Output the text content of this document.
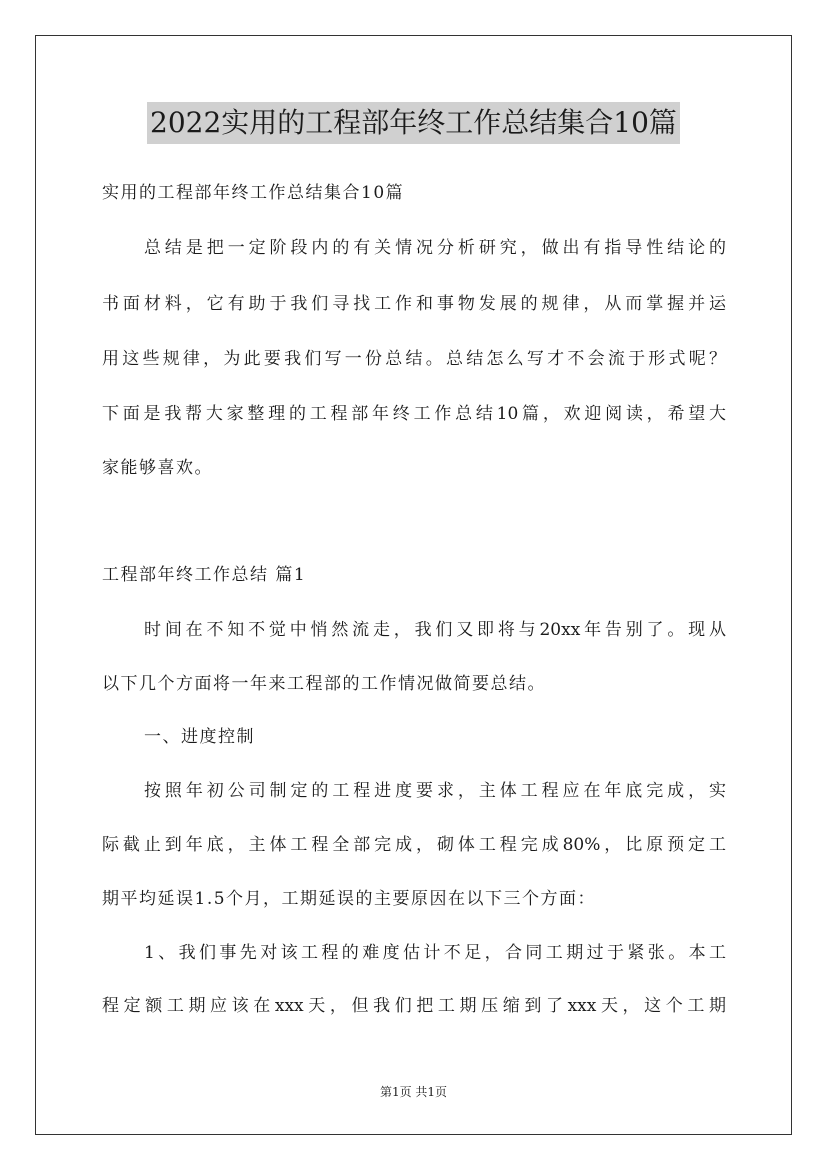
2022实用的工程部年终工作总结集合10篇
实用的工程部年终工作总结集合10篇
总结是把一定阶段内的有关情况分析研究，做出有指导性结论的
书面材料，它有助于我们寻找工作和事物发展的规律，从而掌握并运
用这些规律，为此要我们写一份总结。总结怎么写才不会流于形式呢？
下面是我帮大家整理的工程部年终工作总结10篇，欢迎阅读，希望大
家能够喜欢。
工程部年终工作总结 篇1
时间在不知不觉中悄然流走，我们又即将与20xx年告别了。现从
以下几个方面将一年来工程部的工作情况做简要总结。
一、进度控制
按照年初公司制定的工程进度要求，主体工程应在年底完成，实
际截止到年底，主体工程全部完成，砌体工程完成80%，比原预定工
期平均延误1.5个月，工期延误的主要原因在以下三个方面：
1、我们事先对该工程的难度估计不足，合同工期过于紧张。本工
程定额工期应该在xxx天，但我们把工期压缩到了xxx天，这个工期
第1页 共1页
